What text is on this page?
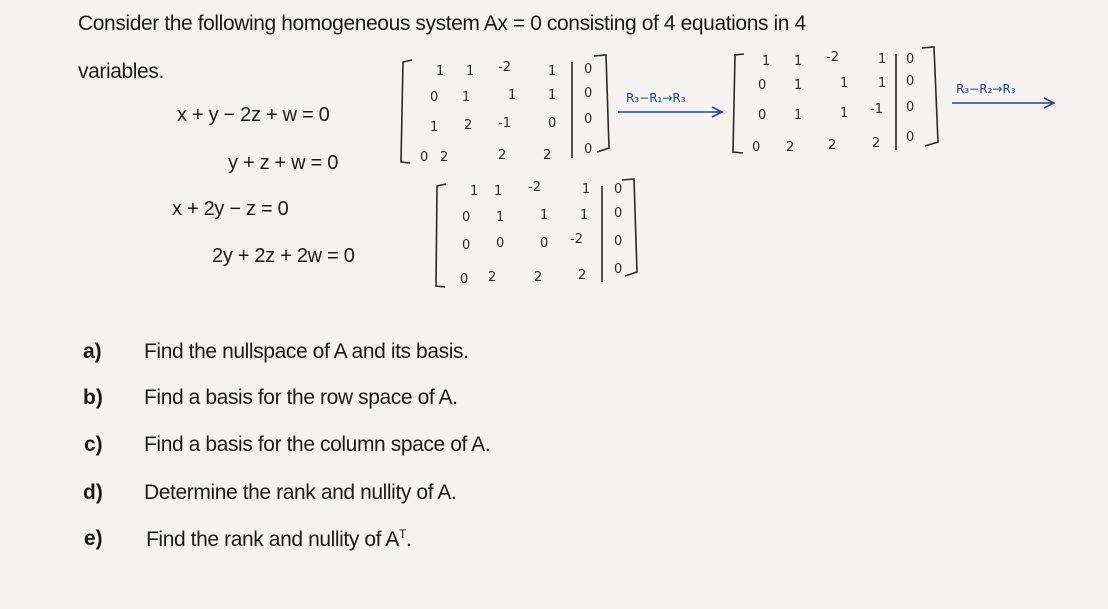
Consider the following homogeneous system Ax = 0 consisting of 4 equations in 4
variables.
x + y − 2z + w = 0
y + z + w = 0
x + 2y − z = 0
2y + 2z + 2w = 0
1 1 -2	1 0
0 1	1 1 0
1 2 -1	0 0
0 2	2	2	0
R₃−R₁→R₃
1 1 -2	1 0
0 1	1 1 0
0 1	1 -1 0
0 2	2	2 0
R₃−R₂→R₃
1 1 -2	1 0
0 1	1 1 0
0 0	0 -2 0
0 2	2	2 0
a) Find the nullspace of A and its basis.
b) Find a basis for the row space of A.
c) Find a basis for the column space of A.
d) Determine the rank and nullity of A.
e) Find the rank and nullity of $A^T$.
